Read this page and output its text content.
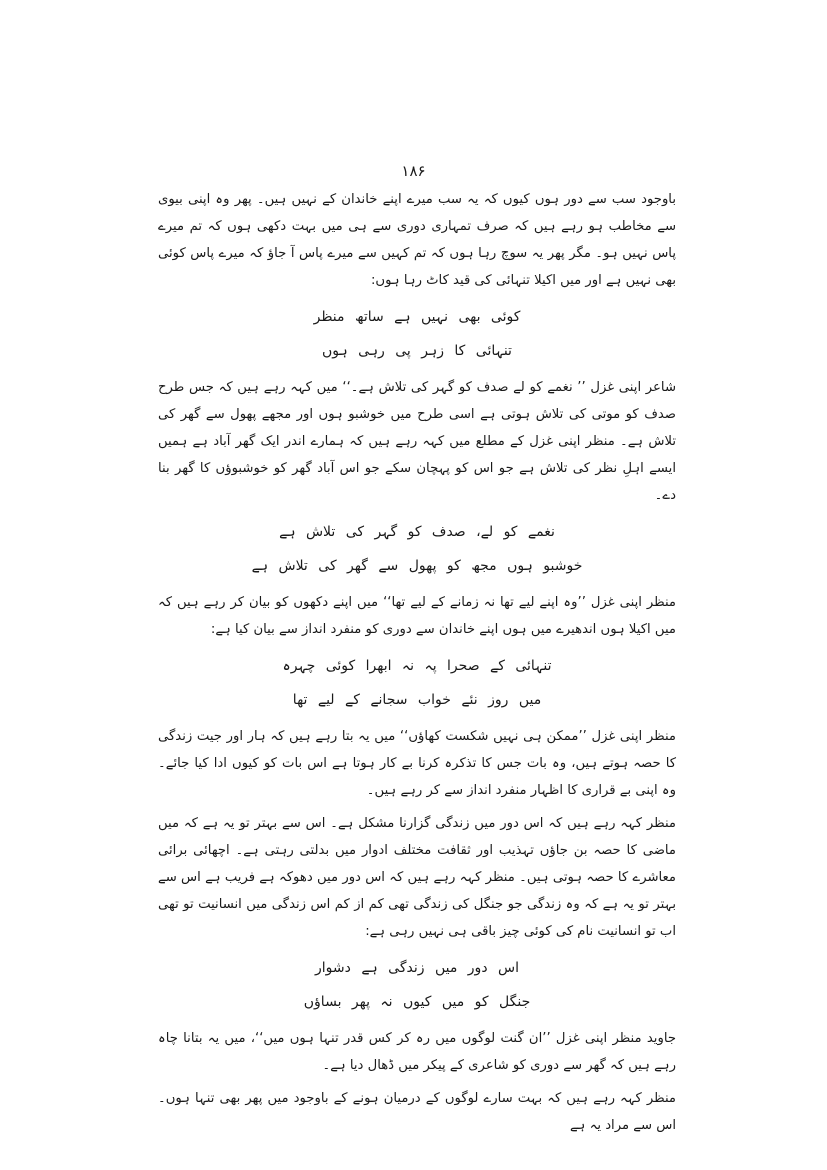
۱۸۶

باوجود سب سے دور ہوں کیوں کہ یہ سب میرے اپنے خاندان کے نہیں ہیں۔ پھر وہ اپنی بیوی سے مخاطب ہو رہے ہیں کہ صرف تمہاری دوری سے ہی میں بہت دکھی ہوں کہ تم میرے پاس نہیں ہو۔ مگر پھر یہ سوچ رہا ہوں کہ تم کہیں سے میرے پاس آ جاؤ کہ میرے پاس کوئی بھی نہیں ہے اور میں اکیلا تنہائی کی قید کاٹ رہا ہوں:

کوئی بھی نہیں ہے ساتھ منظر
تنہائی کا زہر پی رہی ہوں

شاعر اپنی غزل ’’ نغمے کو لے صدف کو گہر کی تلاش ہے۔‘‘ میں کہہ رہے ہیں کہ جس طرح صدف کو موتی کی تلاش ہوتی ہے اسی طرح میں خوشبو ہوں اور مجھے پھول سے گھر کی تلاش ہے۔ منظر اپنی غزل کے مطلع میں کہہ رہے ہیں کہ ہمارے اندر ایک گھر آباد ہے ہمیں ایسے اہلِ نظر کی تلاش ہے جو اس کو پہچان سکے جو اس آباد گھر کو خوشبوؤں کا گھر بنا دے۔

نغمے کو لے، صدف کو گہر کی تلاش ہے
خوشبو ہوں مجھ کو پھول سے گھر کی تلاش ہے

منظر اپنی غزل ’’وہ اپنے لیے تھا نہ زمانے کے لیے تھا‘‘ میں اپنے دکھوں کو بیان کر رہے ہیں کہ میں اکیلا ہوں اندھیرے میں ہوں اپنے خاندان سے دوری کو منفرد انداز سے بیان کیا ہے:

تنہائی کے صحرا پہ نہ ابھرا کوئی چہرہ
میں روز نئے خواب سجانے کے لیے تھا

منظر اپنی غزل ’’ممکن ہی نہیں شکست کھاؤں‘‘ میں یہ بتا رہے ہیں کہ ہار اور جیت زندگی کا حصہ ہوتے ہیں، وہ بات جس کا تذکرہ کرنا بے کار ہوتا ہے اس بات کو کیوں ادا کیا جائے۔ وہ اپنی بے قراری کا اظہار منفرد انداز سے کر رہے ہیں۔

منظر کہہ رہے ہیں کہ اس دور میں زندگی گزارنا مشکل ہے۔ اس سے بہتر تو یہ ہے کہ میں ماضی کا حصہ بن جاؤں تہذیب اور ثقافت مختلف ادوار میں بدلتی رہتی ہے۔ اچھائی برائی معاشرے کا حصہ ہوتی ہیں۔ منظر کہہ رہے ہیں کہ اس دور میں دھوکہ ہے فریب ہے اس سے بہتر تو یہ ہے کہ وہ زندگی جو جنگل کی زندگی تھی کم از کم اس زندگی میں انسانیت تو تھی اب تو انسانیت نام کی کوئی چیز باقی ہی نہیں رہی ہے:

اس دور میں زندگی ہے دشوار
جنگل کو میں کیوں نہ پھر بساؤں

جاوید منظر اپنی غزل ’’ان گنت لوگوں میں رہ کر کس قدر تنہا ہوں میں‘‘، میں یہ بتانا چاہ رہے ہیں کہ گھر سے دوری کو شاعری کے پیکر میں ڈھال دیا ہے۔

منظر کہہ رہے ہیں کہ بہت سارے لوگوں کے درمیان ہونے کے باوجود میں پھر بھی تنہا ہوں۔ اس سے مراد یہ ہے
